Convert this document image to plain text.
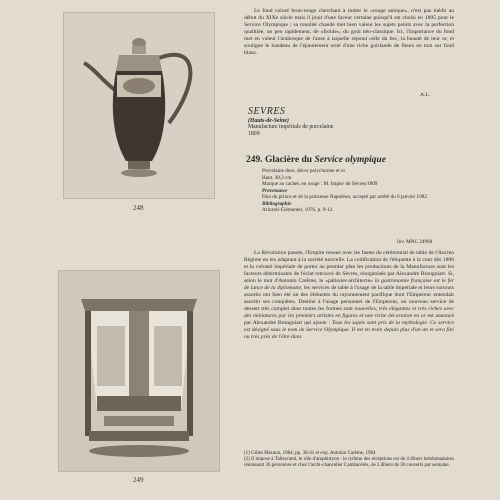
248
249

Le fond coloré brun-rouge cherchant à imiter le «rouge antique», n'est pas inédit au début du XIXe siècle mais il jouit d'une faveur certaine puisqu'il est choisi en 1805 pour le Service Olympique ; sa tonalité chaude met bien valeur les sujets peints avec la perfection qualitiée, un peu rapidement, de «froide», du goût néo-classique. Ici, l'importance du fond met en valeur l'arabesque de l'anse à laquelle répond celle du bec, la beauté de leur or, et souligne le bandeau de l'épaulement orné d'une riche guirlande de fleurs en tors sur fond blanc.

A.L.
SEVRES
(Hauts-de-Seine)
Manufacture impériale de porcelaine
1809
249. Glacière du Service olympique
Porcelaine dure, décor polychrome et or
Haut. 30,3 cm
Marque au cachet, en rouge : M. Imple/ de Sèvres/1809
Provenance
Don du prince et de la princesse Napoléon, accepté par arrêté du 6 janvier 1982
Bibliographie
Arizzoli-Clémentel, 1976, p. 9-12.
Inv. MNC 24960

La Révolution passée, l'Empire renoue avec les fastes du cérémonial de table de l'Ancien Régime en les adaptant à la société nouvelle. La codification de l'étiquette à la cour dès 1806 et la volonté impériale de porter au premier plan les productions de la Manufacture sont les facteurs déterminants de l'éclat retrouvé de Sèvres, réorganisée par Alexandre Brongniart. Si, selon le mot d'Antonin Carême, le «pâtissier-architecte» la gastronomie française est le fer de lance de la diplomatie, les services de table à l'usage de la table impériale et leurs surtouts assortis ont bien été un des éléments du rayonnement pacifique dont l'Empereur entendait assortir ses conquêtes. Destiné à l'usage personnel de l'Empereur, un nouveau service de dessert très complet dont toutes les formes sont nouvelles, très élégantes et très riches avec des miniatures par les premiers artistes en figures et une riche décoration en or est annoncé par Alexandre Brongniart qui ajoute : Tous les sujets sont pris de la mythologie. Ce service est désigné sous le nom de Service Olympique. Il est en train depuis plus d'un an et sera fini ou très près de l'être dans

(1) Gilles Mouton, 1984, pp. 38-41 et exp. Antonin Carême, 1984

(2) Il impose à Talleyrand, le rôle d'amphitryon : le rythme des réceptions est de 4 dîners hebdomadaires réunissant 36 personnes et chez l'archi-chancelier Cambacérès, de 2 dîners de 30 couverts par semaine.
